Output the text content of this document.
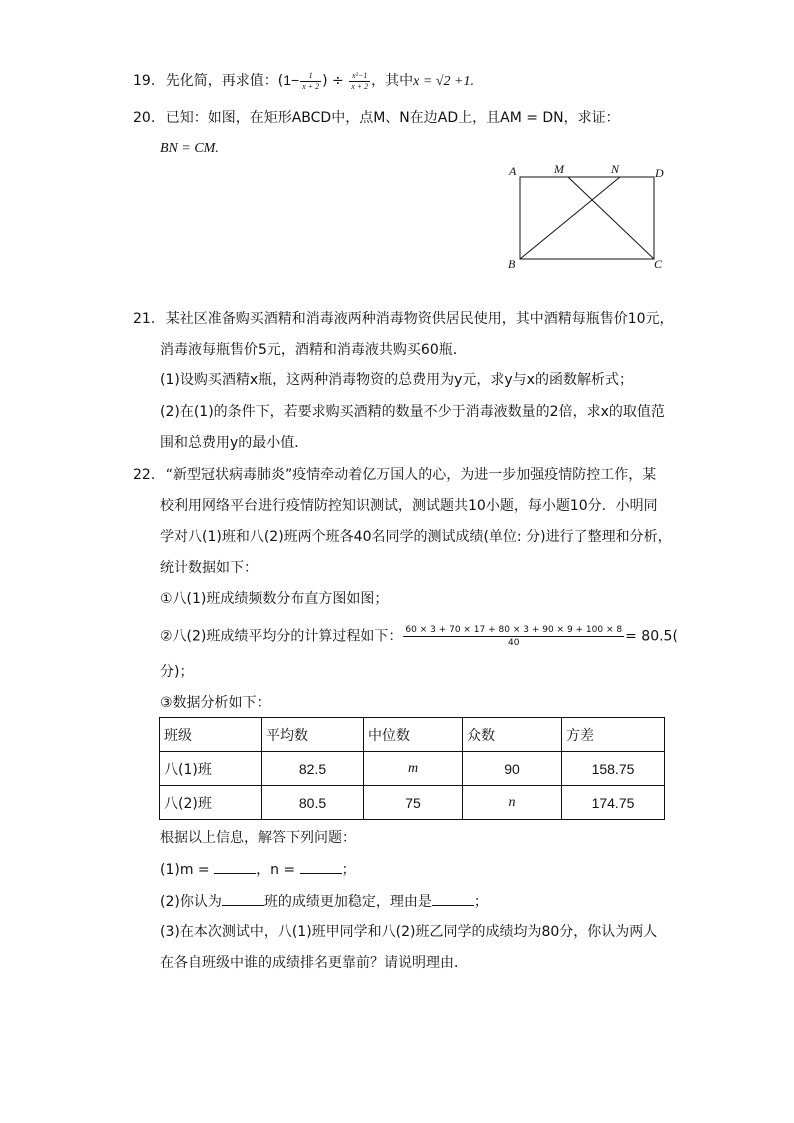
19. 先化简，再求值：($1- \frac{1}{x + 2}$ ) ÷ $\frac{\text{x²−1}}{x + 2}$ ，其中x = √2 +1.
20. 已知：如图，在矩形ABCD中，点M、N在边AD上，且AM = DN，求证：
BN = CM.
A	M	N	D
B	C
21. 某社区准备购买酒精和消毒液两种消毒物资供居民使用，其中酒精每瓶售价10元，
消毒液每瓶售价5元，酒精和消毒液共购买60瓶．
(1)设购买酒精x瓶，这两种消毒物资的总费用为y元，求y与x的函数解析式；
(2)在(1)的条件下，若要求购买酒精的数量不少于消毒液数量的2倍，求x的取值范
围和总费用y的最小值．
22. “新型冠状病毒肺炎”疫情牵动着亿万国人的心，为进一步加强疫情防控工作，某
校利用网络平台进行疫情防控知识测试，测试题共10小题，每小题10分．小明同
学对八(1)班和八(2)班两个班各40名同学的测试成绩(单位: 分)进行了整理和分析，
统计数据如下：
①八(1)班成绩频数分布直方图如图；
②八(2)班成绩平均分的计算过程如下： $\frac{60 \times 3 + 70 \times 17 + 80 \times 3 + 90 \times 9 + 100 \times 8}{40} = 80.5$(
分)；
③数据分析如下：
班级	平均数	中位数	众数	方差
八(1)班	82.5	m	90	158.75
八(2)班	80.5	75	n	174.75
根据以上信息，解答下列问题：
(1)m =	，n =	；
(2)你认为	班的成绩更加稳定，理由是	；
(3)在本次测试中，八(1)班甲同学和八(2)班乙同学的成绩均为80分，你认为两人
在各自班级中谁的成绩排名更靠前？请说明理由．
